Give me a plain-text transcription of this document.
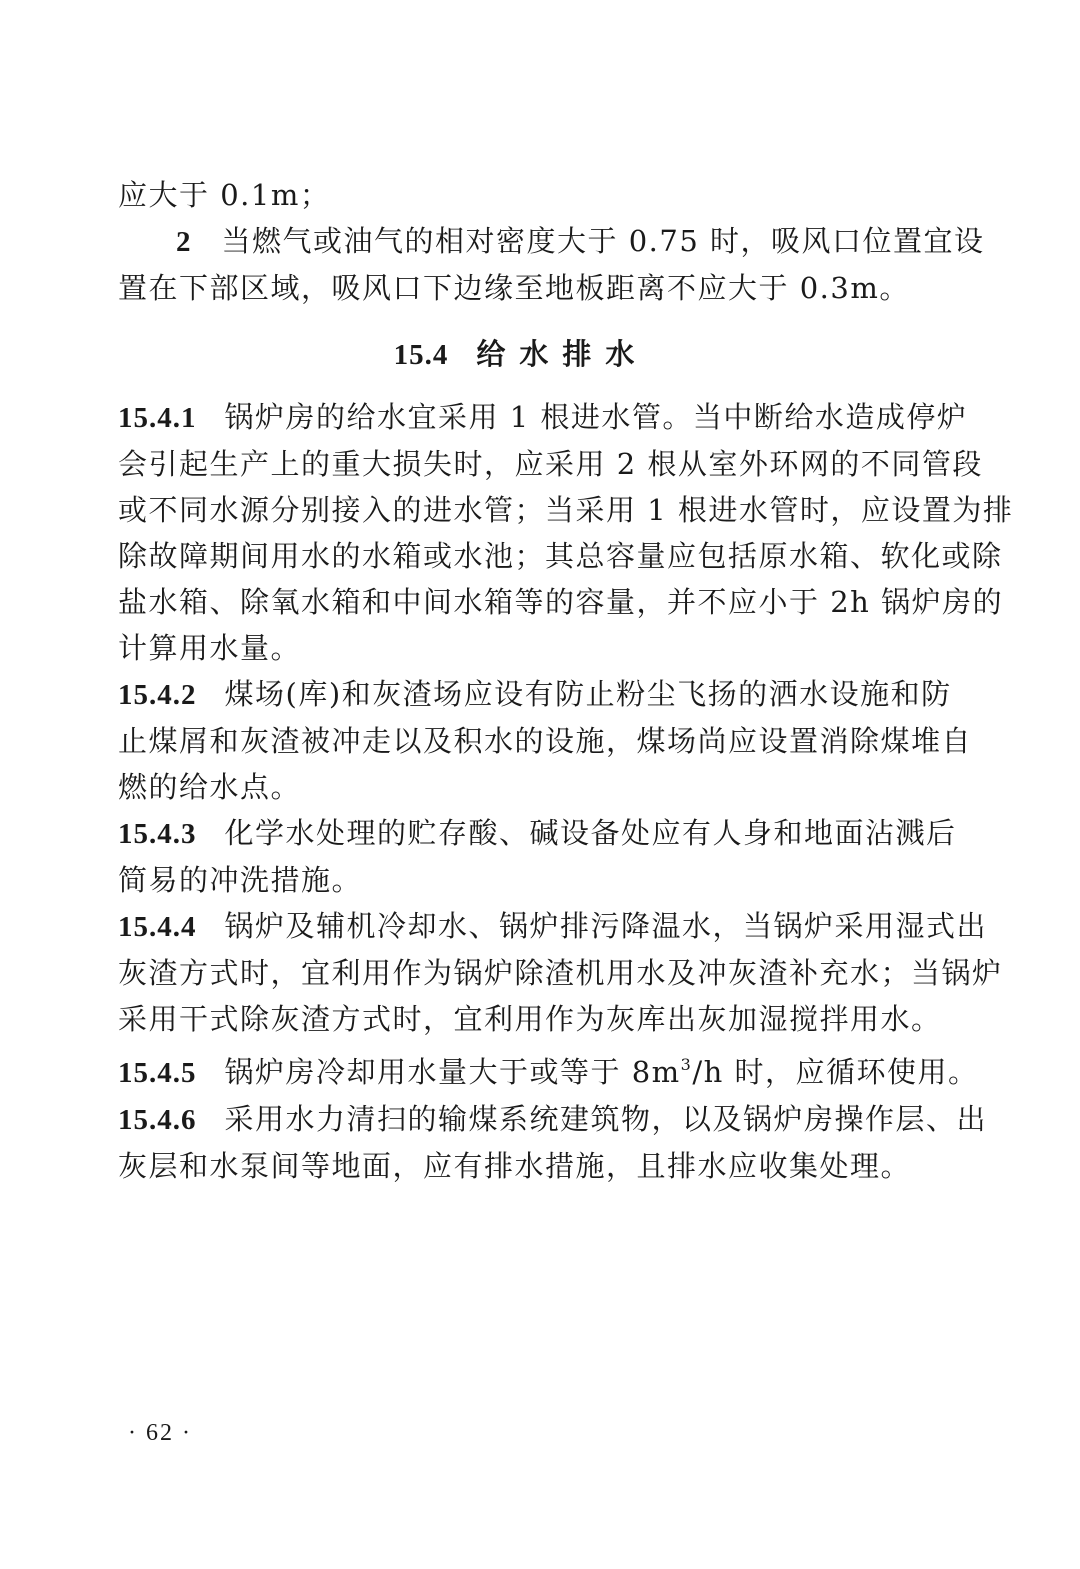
应大于 0.1m；
2  当燃气或油气的相对密度大于 0.75 时，吸风口位置宜设
置在下部区域，吸风口下边缘至地板距离不应大于 0.3m。
15.4 给水排水
15.4.1 锅炉房的给水宜采用 1 根进水管。当中断给水造成停炉
会引起生产上的重大损失时，应采用 2 根从室外环网的不同管段
或不同水源分别接入的进水管；当采用 1 根进水管时，应设置为排
除故障期间用水的水箱或水池；其总容量应包括原水箱、软化或除
盐水箱、除氧水箱和中间水箱等的容量，并不应小于 2h 锅炉房的
计算用水量。
15.4.2 煤场(库)和灰渣场应设有防止粉尘飞扬的洒水设施和防
止煤屑和灰渣被冲走以及积水的设施，煤场尚应设置消除煤堆自
燃的给水点。
15.4.3 化学水处理的贮存酸、碱设备处应有人身和地面沾溅后
简易的冲洗措施。
15.4.4 锅炉及辅机冷却水、锅炉排污降温水，当锅炉采用湿式出
灰渣方式时，宜利用作为锅炉除渣机用水及冲灰渣补充水；当锅炉
采用干式除灰渣方式时，宜利用作为灰库出灰加湿搅拌用水。
15.4.5 锅炉房冷却用水量大于或等于 $8m^3/h$ 时，应循环使用。
15.4.6 采用水力清扫的输煤系统建筑物，以及锅炉房操作层、出
灰层和水泵间等地面，应有排水措施，且排水应收集处理。
· 62 ·
